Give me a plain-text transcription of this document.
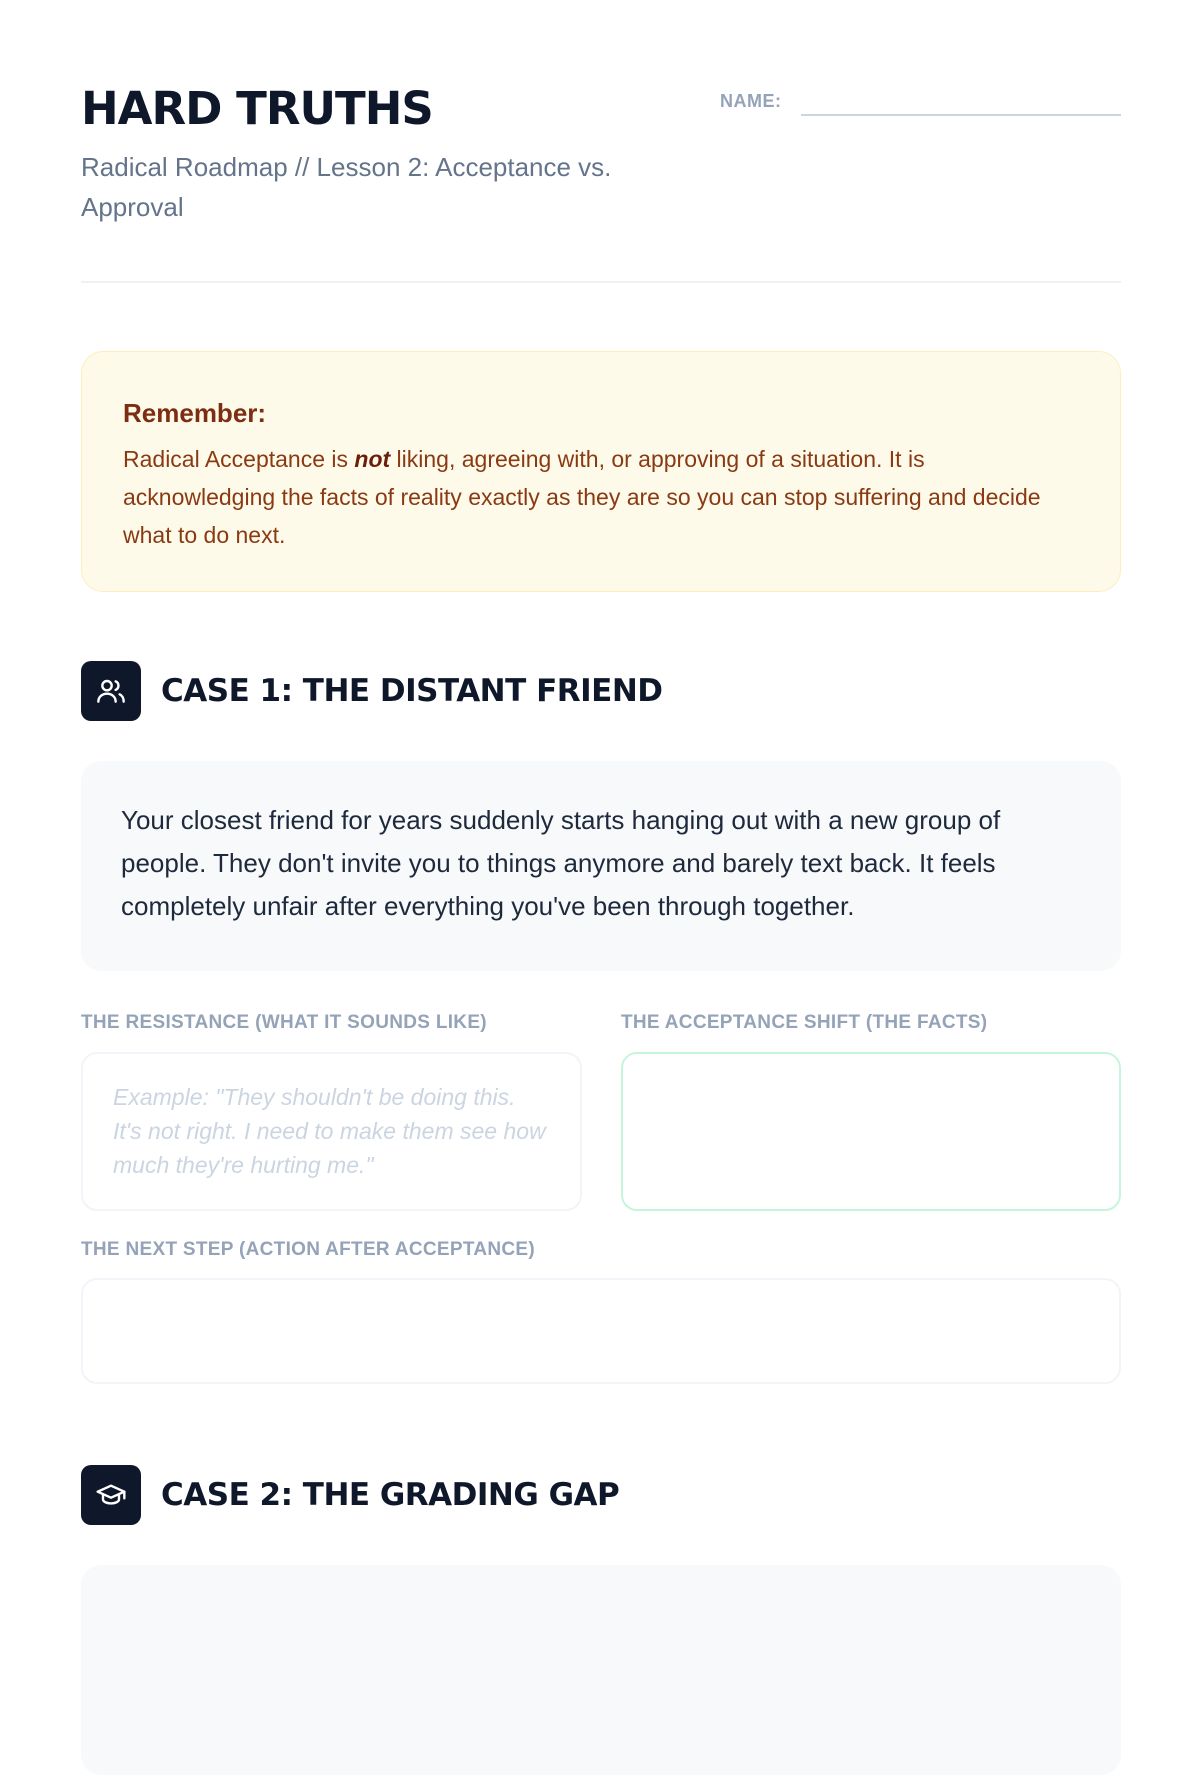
HARD TRUTHS

Radical Roadmap // Lesson 2: Acceptance vs. Approval

NAME:
Remember:

Radical Acceptance is not liking, agreeing with, or approving of a situation. It is acknowledging the facts of reality exactly as they are so you can stop suffering and decide what to do next.

CASE 1: THE DISTANT FRIEND

Your closest friend for years suddenly starts hanging out with a new group of people. They don't invite you to things anymore and barely text back. It feels completely unfair after everything you've been through together.

THE RESISTANCE (WHAT IT SOUNDS LIKE)

Example: "They shouldn't be doing this. It's not right. I need to make them see how much they're hurting me."	THE ACCEPTANCE SHIFT (THE FACTS)

THE NEXT STEP (ACTION AFTER ACCEPTANCE)

CASE 2: THE GRADING GAP
